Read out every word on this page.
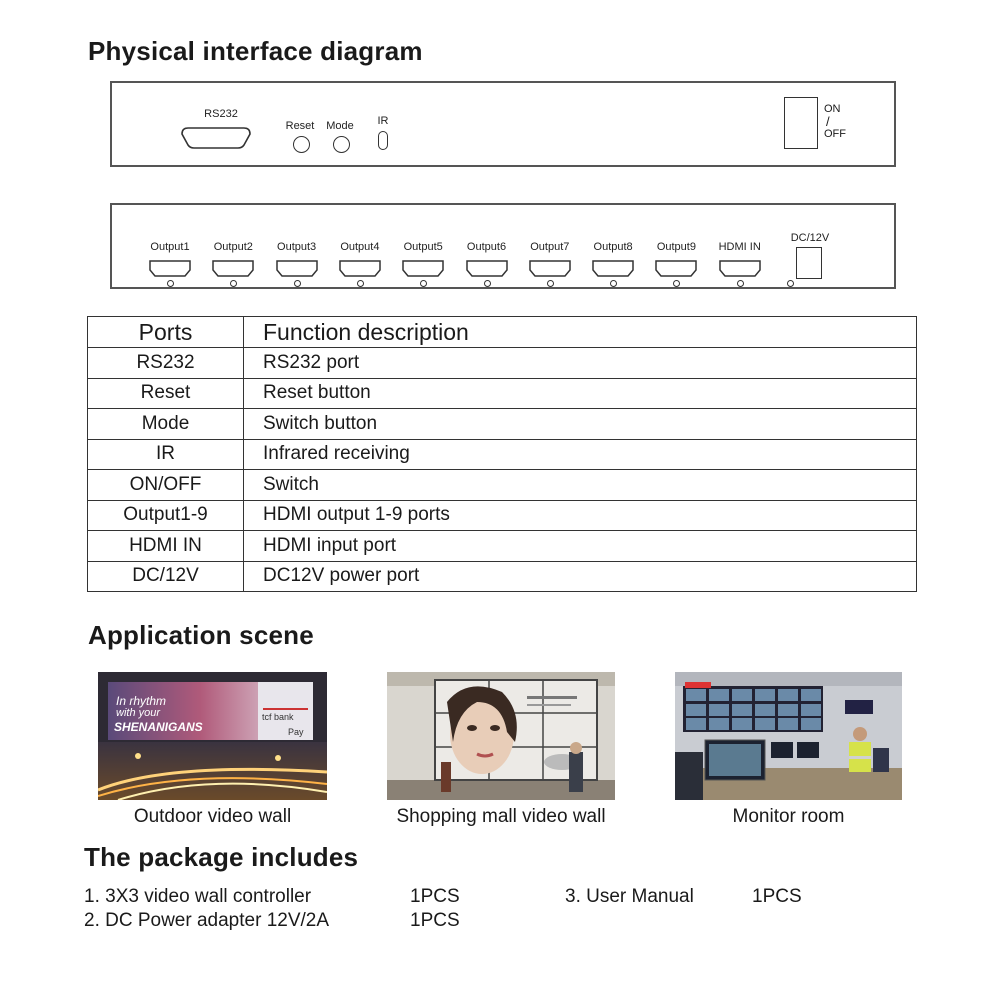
Physical interface diagram
RS232
Reset Mode IR
ON
/
OFF
DC/12V
Output1 Output2 Output3 Output4 Output5 Output6 Output7 Output8 Output9 HDMI IN
Ports	Function description
RS232	RS232 port
Reset	Reset button
Mode	Switch button
IR	Infrared receiving
ON/OFF	Switch
Output1-9	HDMI output 1-9 ports
HDMI IN	HDMI input port
DC/12V	DC12V power port
Application scene
In rhythm
with your
SHENANIGANS
tcf bank
Pay
Outdoor video wall	Shopping mall video wall	Monitor room
The package includes
1. 3X3 video wall controller	1PCS	3. User Manual	1PCS
2. DC Power adapter 12V/2A	1PCS
